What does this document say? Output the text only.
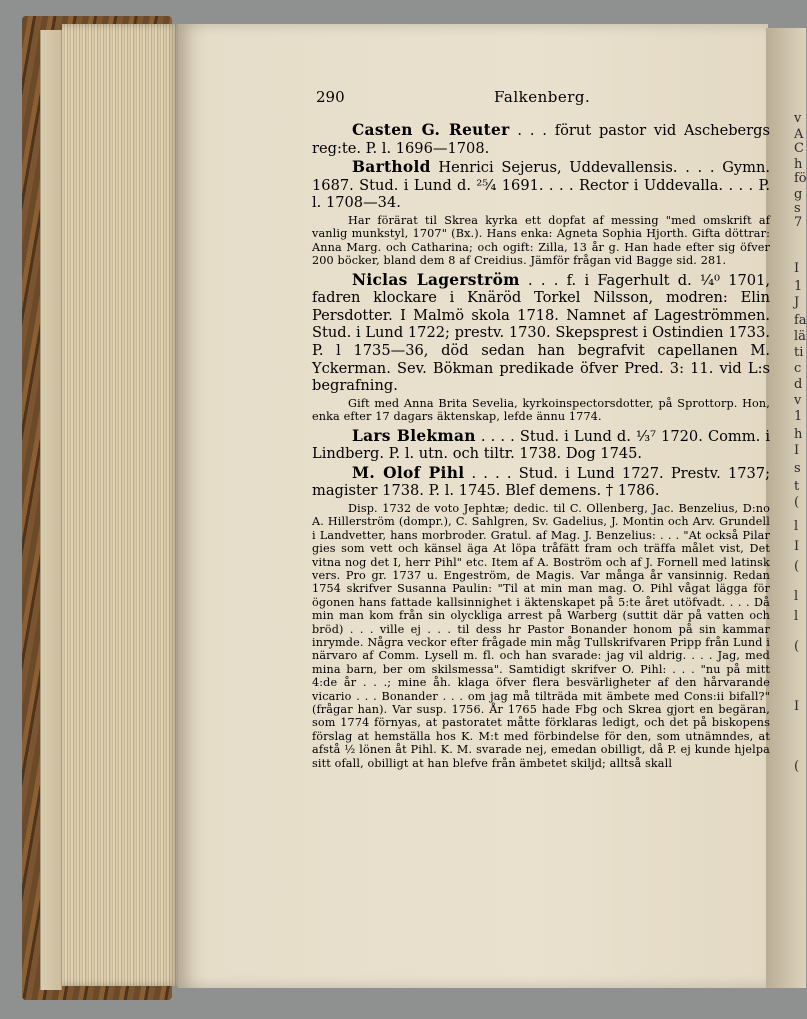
v
A
C
h
fö
g
s
7
I
1
J
fa
lä
ti
c
d
v
1
h
I
s
t
(
l
I
(
l
l
(
I
(
290	Falkenberg.

Casten G. Reuter . . . förut pastor vid Aschebergs reg:te. P. l. 1696—1708.

Barthold Henrici Sejerus, Uddevallensis. . . . Gymn. 1687. Stud. i Lund d. ²⁵⁄₄ 1691. . . . Rector i Uddevalla. . . . P. l. 1708—34.

Har förärat til Skrea kyrka ett dopfat af messing "med omskrift af vanlig munkstyl, 1707" (Bx.). Hans enka: Agneta Sophia Hjorth. Gifta döttrar: Anna Marg. och Catharina; och ogift: Zilla, 13 år g. Han hade efter sig öfver 200 böcker, bland dem 8 af Creidius. Jämför frågan vid Bagge sid. 281.

Niclas Lagerström . . . f. i Fagerhult d. ¹⁄₄⁰ 1701, fadren klockare i Knäröd Torkel Nilsson, modren: Elin Persdotter. I Malmö skola 1718. Namnet af Lageströmmen. Stud. i Lund 1722; prestv. 1730. Skepsprest i Ostindien 1733. P. l 1735—36, död sedan han begrafvit capellanen M. Yckerman. Sev. Bökman predikade öfver Pred. 3: 11. vid L:s begrafning.

Gift med Anna Brita Sevelia, kyrkoinspectorsdotter, på Sprottorp. Hon, enka efter 17 dagars äktenskap, lefde ännu 1774.

Lars Blekman . . . . Stud. i Lund d. ¹⁄₃⁷ 1720. Comm. i Lindberg. P. l. utn. och tiltr. 1738. Dog 1745.

M. Olof Pihl . . . . Stud. i Lund 1727. Prestv. 1737; magister 1738. P. l. 1745. Blef demens. † 1786.

Disp. 1732 de voto Jephtæ; dedic. til C. Ollenberg, Jac. Benzelius, D:no A. Hillerström (dompr.), C. Sahlgren, Sv. Gadelius, J. Montin och Arv. Grundell i Landvetter, hans morbroder. Gratul. af Mag. J. Benzelius: . . . "At också Pilar gies som vett och känsel äga At löpa tråfätt fram och träffa målet vist, Det vitna nog det I, herr Pihl" etc. Item af A. Boström och af J. Fornell med latinsk vers. Pro gr. 1737 u. Engeström, de Magis. Var många år vansinnig. Redan 1754 skrifver Susanna Paulin: "Til at min man mag. O. Pihl vågat lägga för ögonen hans fattade kallsinnighet i äktenskapet på 5:te året utöfvadt. . . . Då min man kom från sin olyckliga arrest på Warberg (suttit där på vatten och bröd) . . . ville ej . . . til dess hr Pastor Bonander honom på sin kammar inrymde. Några veckor efter frågade min måg Tullskrifvaren Pripp från Lund i närvaro af Comm. Lysell m. fl. och han svarade: jag vil aldrig. . . . Jag, med mina barn, ber om skilsmessa". Samtidigt skrifver O. Pihl: . . . "nu på mitt 4:de år . . .; mine åh. klaga öfver flera besvärligheter af den hårvarande vicario . . . Bonander . . . om jag må tilträda mit ämbete med Cons:ii bifall?" (frågar han). Var susp. 1756. År 1765 hade Fbg och Skrea gjort en begäran, som 1774 förnyas, at pastoratet måtte förklaras ledigt, och det på biskopens förslag at hemställa hos K. M:t med förbindelse för den, som utnämndes, at afstå ½ lönen åt Pihl. K. M. svarade nej, emedan obilligt, då P. ej kunde hjelpa sitt ofall, obilligt at han blefve från ämbetet skiljd; alltså skall
